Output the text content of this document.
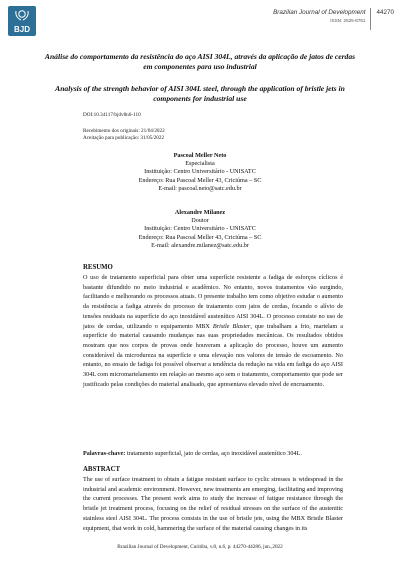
BJD
Brazilian Journal of Development
ISSN: 2525-8761
44270

Análise do comportamento da resistência do aço AISI 304L, através da aplicação de jatos de cerdas em componentes para uso industrial

Analysis of the strength behavior of AISI 304L steel, through the application of bristle jets in components for industrial use

DOI:10.34117/bjdv8n6-110
Recebimento dos originais: 21/04/2022
Aceitação para publicação: 31/05/2022
Pascoal Meller Neto
Especialista
Instituição: Centro Universitário - UNISATC
Endereço: Rua Pascoal Meller 43, Criciúma – SC
E-mail: pascoal.neto@satc.edu.br
Alexandre Milanez
Doutor
Instituição: Centro Universitário - UNISATC
Endereço: Rua Pascoal Meller 43, Criciúma – SC
E-mail: alexandre.milanez@satc.edu.br
RESUMO

O uso de tratamento superficial para obter uma superfície resistente a fadiga de esforços cíclicos é bastante difundido no meio industrial e acadêmico. No entanto, novos tratamentos vão surgindo, facilitando e melhorando os processos atuais. O presente trabalho tem como objetivo estudar o aumento da resistência a fadiga através do processo de tratamento com jatos de cerdas, focando o alívio de tensões residuais na superfície do aço inoxidável austenítico AISI 304L. O processo consiste no uso de jatos de cerdas, utilizando o equipamento MBX Bristle Blaster, que trabalham a frio, martelam a superfície do material causando mudanças nas suas propriedades mecânicas. Os resultados obtidos mostram que nos corpos de provas onde houveram a aplicação do processo, houve um aumento considerável da microdureza na superfície e uma elevação nos valores de tensão de escoamento. No entanto, no ensaio de fadiga foi possível observar a tendência da redução na vida em fadiga do aço AISI 304L com micromartelamento em relação ao mesmo aço sem o tratamento, comportamento que pode ser justificado pelas condições do material analisado, que apresentava elevado nível de encruamento.

Palavras-chave: tratamento superficial, jato de cerdas, aço inoxidável austenítico 304L.
ABSTRACT

The use of surface treatment to obtain a fatigue resistant surface to cyclic stresses is widespread in the industrial and academic environment. However, new treatments are emerging, facilitating and improving the current processes. The present work aims to study the increase of fatigue resistance through the bristle jet treatment process, focusing on the relief of residual stresses on the surface of the austenitic stainless steel AISI 304L. The process consists in the use of bristle jets, using the MBX Bristle Blaster equipment, that work in cold, hammering the surface of the material causing changes in its

Brazilian Journal of Development, Curitiba, v.8, n.6, p. 44270-44286, jun.,2022
